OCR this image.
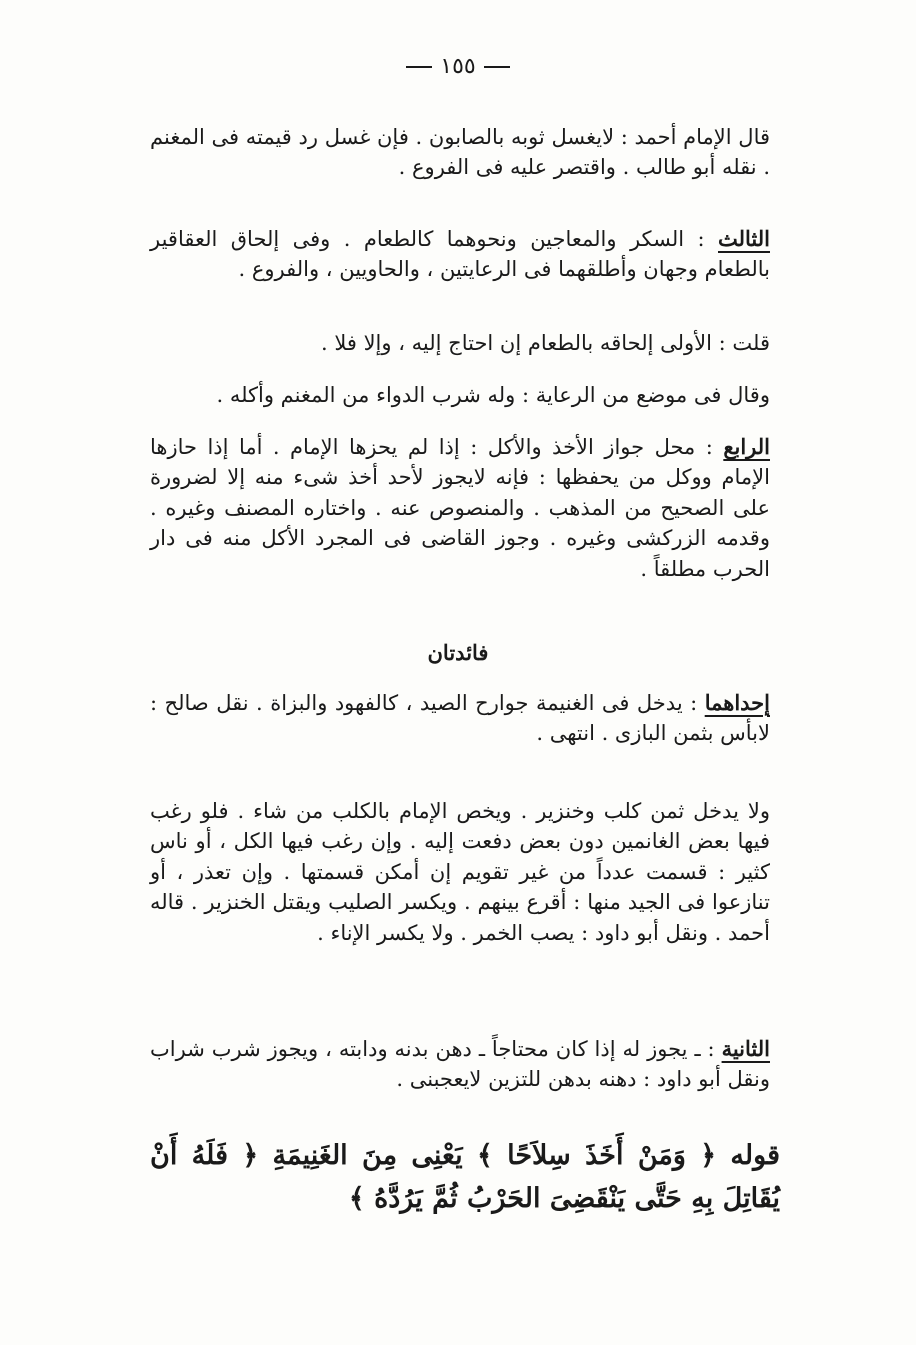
١٥٥

قال الإمام أحمد : لايغسل ثوبه بالصابون . فإن غسل رد قيمته فى المغنم . نقله أبو طالب . واقتصر عليه فى الفروع .

الثالث : السكر والمعاجين ونحوهما كالطعام . وفى إلحاق العقاقير بالطعام وجهان وأطلقهما فى الرعايتين ، والحاويين ، والفروع .

قلت : الأولى إلحاقه بالطعام إن احتاج إليه ، وإلا فلا .

وقال فى موضع من الرعاية : وله شرب الدواء من المغنم وأكله .

الرابع : محل جواز الأخذ والأكل : إذا لم يحزها الإمام . أما إذا حازها الإمام ووكل من يحفظها : فإنه لايجوز لأحد أخذ شىء منه إلا لضرورة على الصحيح من المذهب . والمنصوص عنه . واختاره المصنف وغيره . وقدمه الزركشى وغيره . وجوز القاضى فى المجرد الأكل منه فى دار الحرب مطلقاً .

فائدتان

إحداهما : يدخل فى الغنيمة جوارح الصيد ، كالفهود والبزاة . نقل صالح : لابأس بثمن البازى . انتهى .

ولا يدخل ثمن كلب وخنزير . ويخص الإمام بالكلب من شاء . فلو رغب فيها بعض الغانمين دون بعض دفعت إليه . وإن رغب فيها الكل ، أو ناس كثير : قسمت عدداً من غير تقويم إن أمكن قسمتها . وإن تعذر ، أو تنازعوا فى الجيد منها : أقرع بينهم . ويكسر الصليب ويقتل الخنزير . قاله أحمد . ونقل أبو داود : يصب الخمر . ولا يكسر الإناء .

الثانية : ـ يجوز له إذا كان محتاجاً ـ دهن بدنه ودابته ، ويجوز شرب شراب ونقل أبو داود : دهنه بدهن للتزين لايعجبنى .

قوله ﴿ وَمَنْ أَخَذَ سِلاَحًا ﴾ يَعْنِى مِنَ الغَنِيمَةِ ﴿ فَلَهُ أَنْ يُقَاتِلَ بِهِ حَتَّى يَنْقَضِىَ الحَرْبُ ثُمَّ يَرُدَّهُ ﴾
